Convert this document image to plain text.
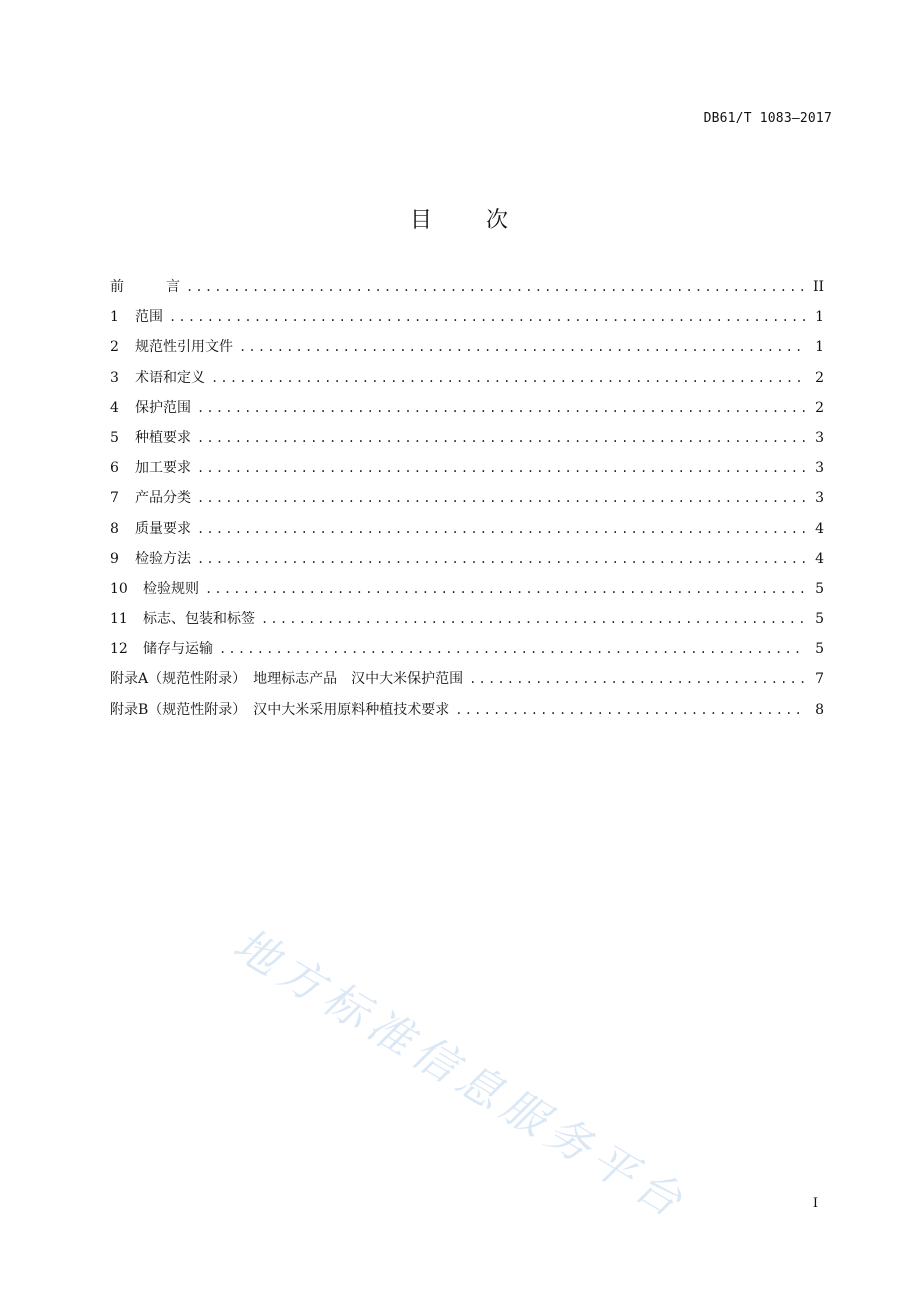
DB61/T 1083—2017
目 次
前	言 .....	II
1	范围 .....	1
2	规范性引用文件 .....	1
3	术语和定义 .....	2
4	保护范围 .....	2
5	种植要求 .....	3
6	加工要求 .....	3
7	产品分类 .....	3
8	质量要求 .....	4
9	检验方法 .....	4
10	检验规则 .....	5
11	标志、包装和标签 .....	5
12	储存与运输 .....	5
附录A（规范性附录）　地理标志产品　汉中大米保护范围 .....	7
附录B（规范性附录）　汉中大米采用原料种植技术要求 .....	8
地方标准信息服务平台	I
